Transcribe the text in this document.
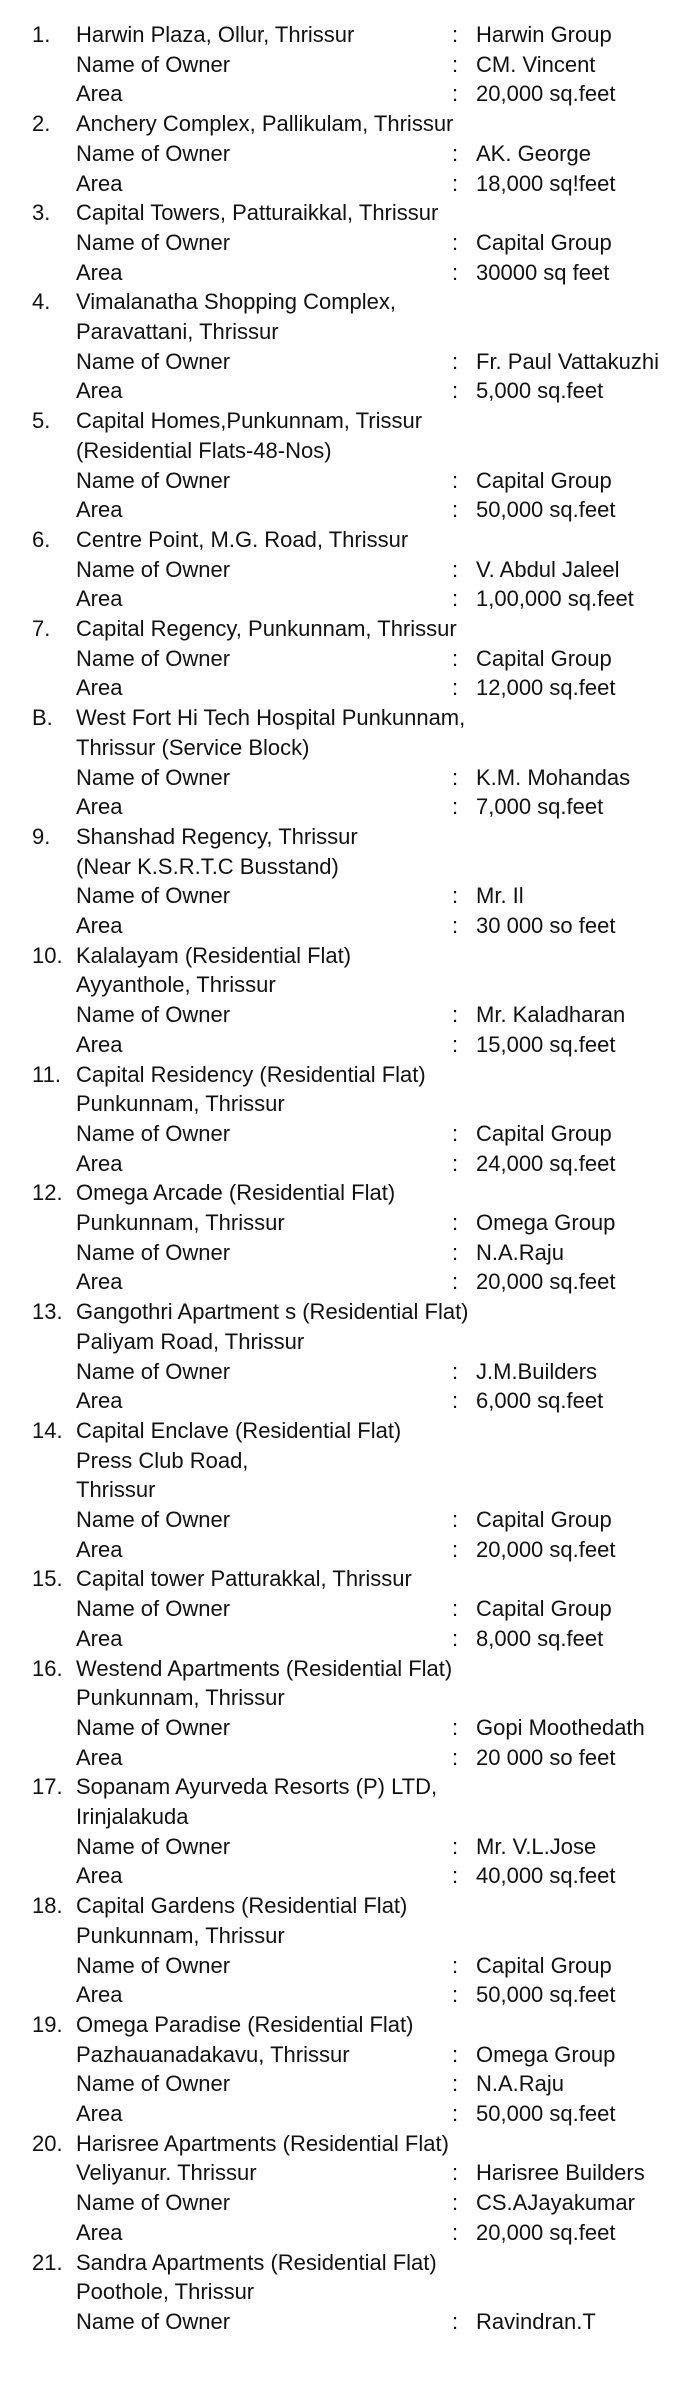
1.	Harwin Plaza, Ollur, Thrissur	: Harwin Group
Name of Owner	: CM. Vincent
Area	: 20,000 sq.feet
2.	Anchery Complex, Pallikulam, Thrissur
Name of Owner	: AK. George
Area	: 18,000 sq!feet
3.	Capital Towers, Patturaikkal, Thrissur
Name of Owner	: Capital Group
Area	: 30000 sq feet
4.	Vimalanatha Shopping Complex,
Paravattani, Thrissur
Name of Owner	: Fr. Paul Vattakuzhi
Area	: 5,000 sq.feet
5.	Capital Homes,Punkunnam, Trissur
(Residential Flats-48-Nos)
Name of Owner	: Capital Group
Area	: 50,000 sq.feet
6.	Centre Point, M.G. Road, Thrissur
Name of Owner	: V. Abdul Jaleel
Area	: 1,00,000 sq.feet
7.	Capital Regency, Punkunnam, Thrissur
Name of Owner	: Capital Group
Area	: 12,000 sq.feet
B.	West Fort Hi Tech Hospital Punkunnam,
Thrissur (Service Block)
Name of Owner	: K.M. Mohandas
Area	: 7,000 sq.feet
9.	Shanshad Regency, Thrissur
(Near K.S.R.T.C Busstand)
Name of Owner	: Mr. Il
Area	: 30 000 so feet
10. Kalalayam (Residential Flat)
Ayyanthole, Thrissur
Name of Owner	: Mr. Kaladharan
Area	: 15,000 sq.feet
11. Capital Residency (Residential Flat)
Punkunnam, Thrissur
Name of Owner	: Capital Group
Area	: 24,000 sq.feet
12. Omega Arcade (Residential Flat)
Punkunnam, Thrissur	: Omega Group
Name of Owner	: N.A.Raju
Area	: 20,000 sq.feet
13. Gangothri Apartment s (Residential Flat)
Paliyam Road, Thrissur
Name of Owner	: J.M.Builders
Area	: 6,000 sq.feet
14. Capital Enclave (Residential Flat)
Press Club Road,
Thrissur
Name of Owner	: Capital Group
Area	: 20,000 sq.feet
15. Capital tower Patturakkal, Thrissur
Name of Owner	: Capital Group
Area	: 8,000 sq.feet
16. Westend Apartments (Residential Flat)
Punkunnam, Thrissur
Name of Owner	: Gopi Moothedath
Area	: 20 000 so feet
17. Sopanam Ayurveda Resorts (P) LTD,
Irinjalakuda
Name of Owner	: Mr. V.L.Jose
Area	: 40,000 sq.feet
18. Capital Gardens (Residential Flat)
Punkunnam, Thrissur
Name of Owner	: Capital Group
Area	: 50,000 sq.feet
19. Omega Paradise (Residential Flat)
Pazhauanadakavu, Thrissur	: Omega Group
Name of Owner	: N.A.Raju
Area	: 50,000 sq.feet
20. Harisree Apartments (Residential Flat)
Veliyanur. Thrissur	: Harisree Builders
Name of Owner	: CS.AJayakumar
Area	: 20,000 sq.feet
21. Sandra Apartments (Residential Flat)
Poothole, Thrissur
Name of Owner	: Ravindran.T
